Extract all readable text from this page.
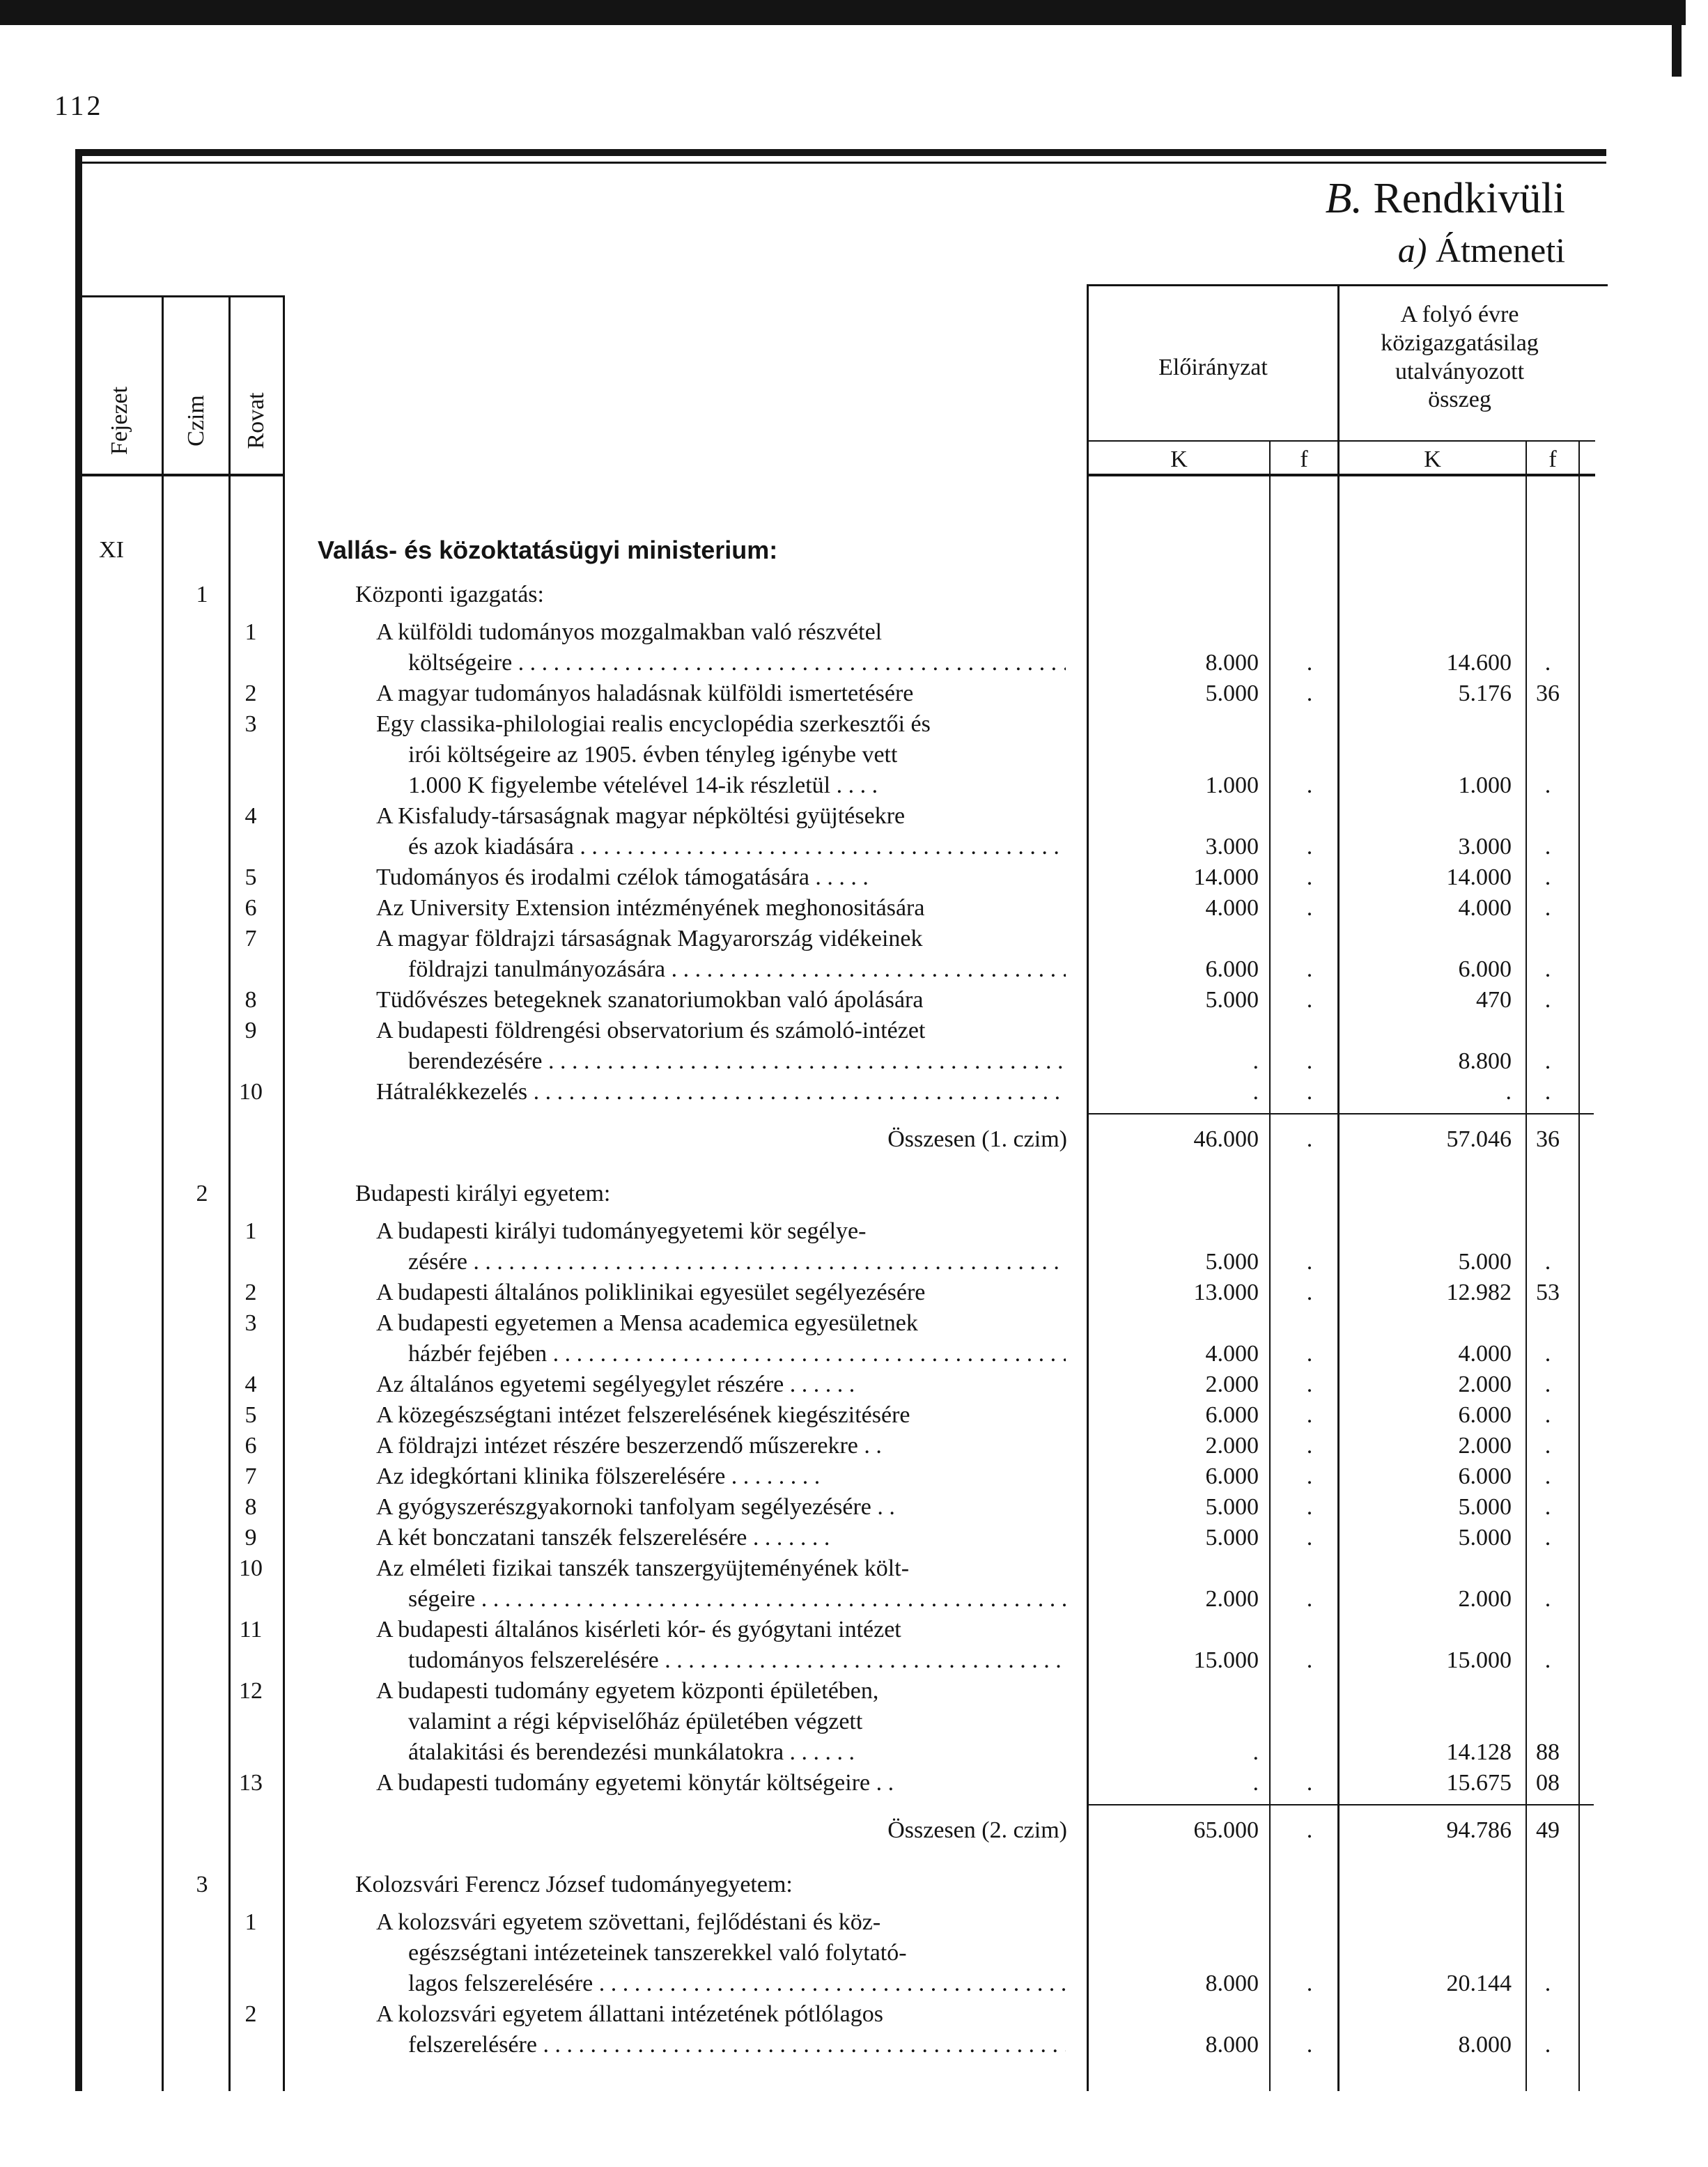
112
B. Rendkivüli
a) Átmeneti
Fejezet Czim Rovat
Előirányzat
A folyó évre
közigazgatásilag
utalványozott
összeg
K	f	K	f
XI	Vallás- és közoktatásügyi ministerium:
1	Központi igazgatás:
1	A külföldi tudományos mozgalmakban való részvétel
költségeire . . .	8.000 .	14.600 .
2	A magyar tudományos haladásnak külföldi ismertetésére	5.000 .	5.176 36
3	Egy classika-philologiai realis encyclopédia szerkesztői és
irói költségeire az 1905. évben tényleg igénybe vett
1.000 K figyelembe vételével 14-ik részletül . . . .	1.000 .	1.000 .
4	A Kisfaludy-társaságnak magyar népköltési gyüjtésekre
és azok kiadására . . .	3.000 .	3.000 .
5	Tudományos és irodalmi czélok támogatására . . . . .	14.000 .	14.000 .
6	Az University Extension intézményének meghonositására	4.000 .	4.000 .
7	A magyar földrajzi társaságnak Magyarország vidékeinek
földrajzi tanulmányozására . . .	6.000 .	6.000 .
8	Tüdővészes betegeknek szanatoriumokban való ápolására	5.000 .	470 .
9	A budapesti földrengési observatorium és számoló-intézet
berendezésére . . .	. .	8.800 .
10	Hátralékkezelés . . .	. .	. .
Összesen (1. czim)	46.000 .	57.046 36
2	Budapesti királyi egyetem:
1	A budapesti királyi tudományegyetemi kör segélye-
zésére . . .	5.000 .	5.000 .
2	A budapesti általános poliklinikai egyesület segélyezésére	13.000 .	12.982 53
3	A budapesti egyetemen a Mensa academica egyesületnek
házbér fejében . . .	4.000 .	4.000 .
4	Az általános egyetemi segélyegylet részére . . . . . .	2.000 .	2.000 .
5	A közegészségtani intézet felszerelésének kiegészitésére	6.000 .	6.000 .
6	A földrajzi intézet részére beszerzendő műszerekre . .	2.000 .	2.000 .
7	Az idegkórtani klinika fölszerelésére . . . . . . . .	6.000 .	6.000 .
8	A gyógyszerészgyakornoki tanfolyam segélyezésére . .	5.000 .	5.000 .
9	A két bonczatani tanszék felszerelésére . . . . . . .	5.000 .	5.000 .
10	Az elméleti fizikai tanszék tanszergyüjteményének költ-
ségeire . . .	2.000 .	2.000 .
11	A budapesti általános kisérleti kór- és gyógytani intézet
tudományos felszerelésére . . .	15.000 .	15.000 .
12	A budapesti tudomány egyetem központi épületében,
valamint a régi képviselőház épületében végzett
átalakitási és berendezési munkálatokra . . . . . .	.	14.128 88
13	A budapesti tudomány egyetemi könytár költségeire . .	. .	15.675 08
Összesen (2. czim)	65.000 .	94.786 49
3	Kolozsvári Ferencz József tudományegyetem:
1	A kolozsvári egyetem szövettani, fejlődéstani és köz-
egészségtani intézeteinek tanszerekkel való folytató-
lagos felszerelésére . . .	8.000 .	20.144 .
2	A kolozsvári egyetem állattani intézetének pótlólagos
felszerelésére . . .	8.000 .	8.000 .
